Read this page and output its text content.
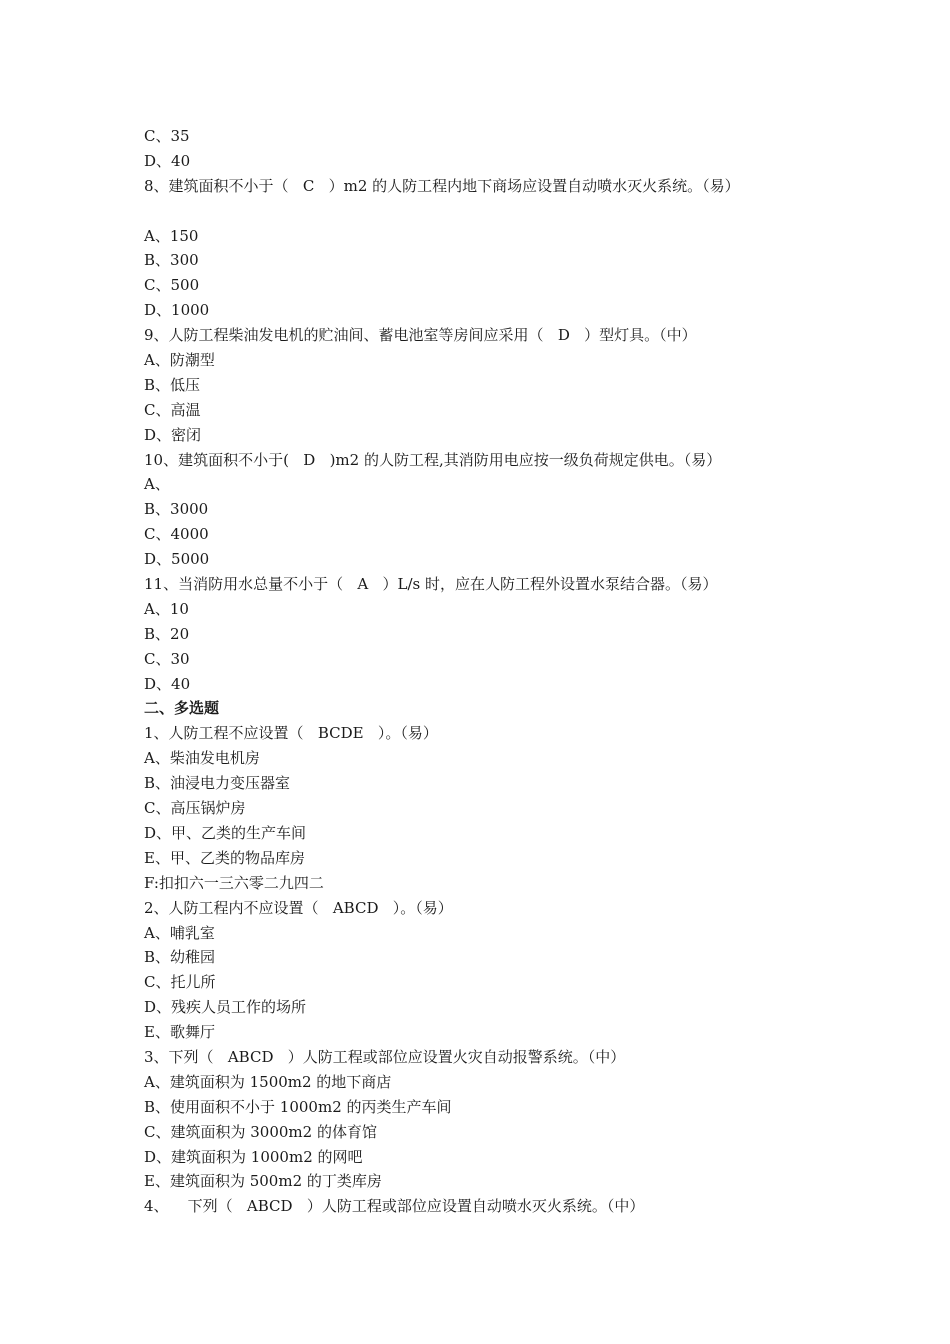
C、35
D、40
8、建筑面积不小于（   C   ）m2 的人防工程内地下商场应设置自动喷水灭火系统。（易）
A、150
B、300
C、500
D、1000
9、人防工程柴油发电机的贮油间、蓄电池室等房间应采用（   D   ）型灯具。（中）
A、防潮型
B、低压
C、高温
D、密闭
10、建筑面积不小于(   D   )m2 的人防工程,其消防用电应按一级负荷规定供电。（易）
A、
B、3000
C、4000
D、5000
11、当消防用水总量不小于（   A   ）L/s 时，应在人防工程外设置水泵结合器。（易）
A、10
B、20
C、30
D、40
二、多选题
1、人防工程不应设置（   BCDE   ）。（易）
A、柴油发电机房
B、油浸电力变压器室
C、高压锅炉房
D、甲、乙类的生产车间
E、甲、乙类的物品库房
F:扣扣六一三六零二九四二
2、人防工程内不应设置（   ABCD   ）。（易）
A、哺乳室
B、幼稚园
C、托儿所
D、残疾人员工作的场所
E、歌舞厅
3、下列（   ABCD   ）人防工程或部位应设置火灾自动报警系统。（中）
A、建筑面积为 1500m2 的地下商店
B、使用面积不小于 1000m2 的丙类生产车间
C、建筑面积为 3000m2 的体育馆
D、建筑面积为 1000m2 的网吧
E、建筑面积为 500m2 的丁类库房
4、    下列（   ABCD   ）人防工程或部位应设置自动喷水灭火系统。（中）
